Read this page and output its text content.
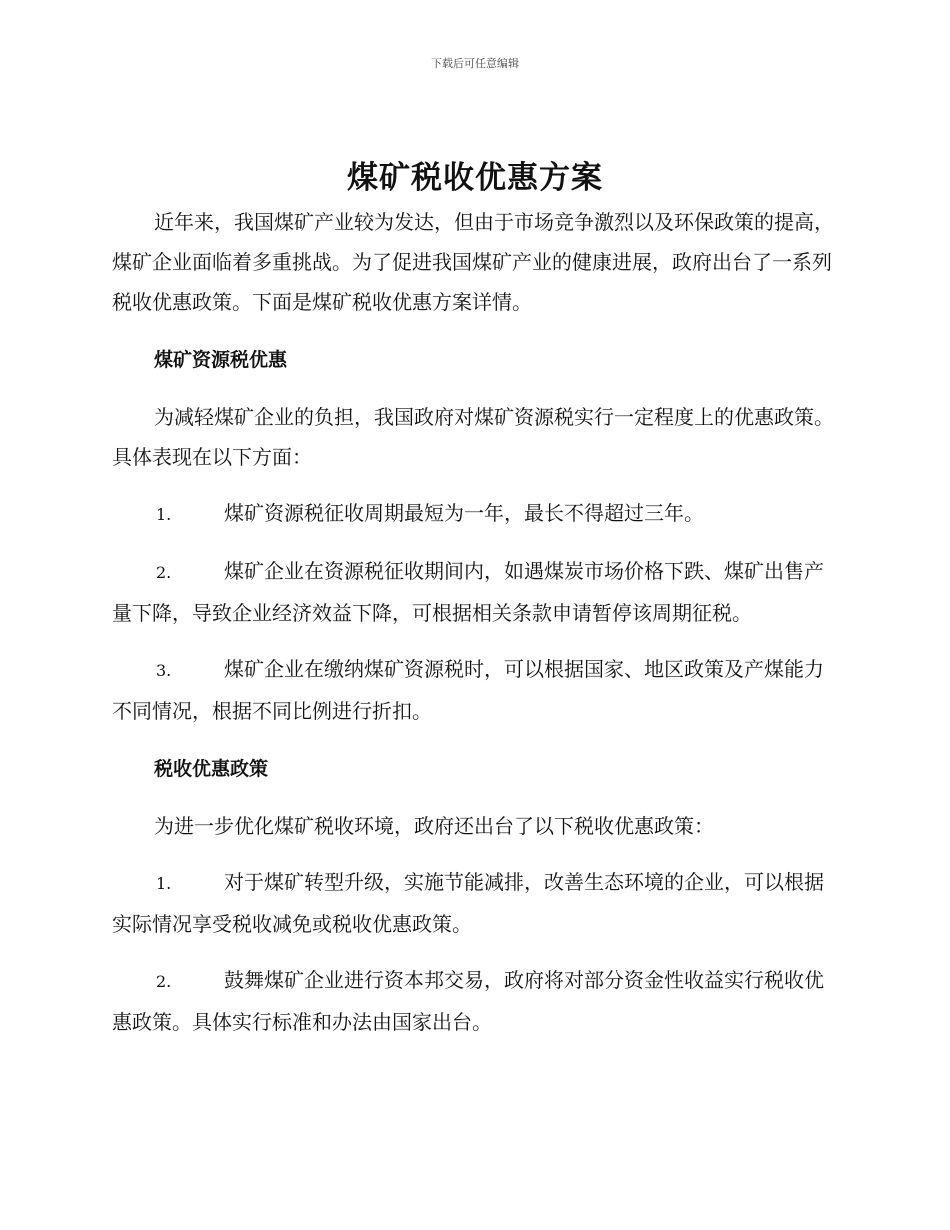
下载后可任意编辑
煤矿税收优惠方案

近年来，我国煤矿产业较为发达，但由于市场竞争激烈以及环保政策的提高，煤矿企业面临着多重挑战。为了促进我国煤矿产业的健康进展，政府出台了一系列税收优惠政策。下面是煤矿税收优惠方案详情。

煤矿资源税优惠

为减轻煤矿企业的负担，我国政府对煤矿资源税实行一定程度上的优惠政策。具体表现在以下方面：

1.	煤矿资源税征收周期最短为一年，最长不得超过三年。

2.	煤矿企业在资源税征收期间内，如遇煤炭市场价格下跌、煤矿出售产量下降，导致企业经济效益下降，可根据相关条款申请暂停该周期征税。

3.	煤矿企业在缴纳煤矿资源税时，可以根据国家、地区政策及产煤能力不同情况，根据不同比例进行折扣。

税收优惠政策

为进一步优化煤矿税收环境，政府还出台了以下税收优惠政策：

1.	对于煤矿转型升级，实施节能减排，改善生态环境的企业，可以根据实际情况享受税收减免或税收优惠政策。

2.	鼓舞煤矿企业进行资本邦交易，政府将对部分资金性收益实行税收优惠政策。具体实行标准和办法由国家出台。
